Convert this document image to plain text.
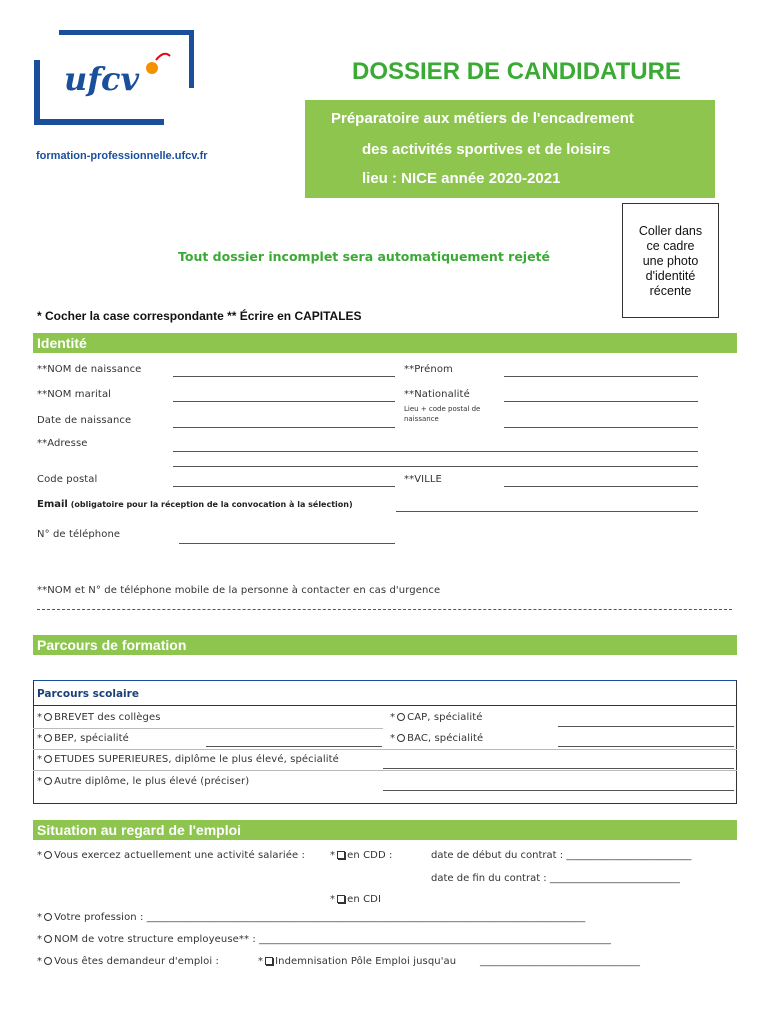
ufcv
formation-professionnelle.ufcv.fr
DOSSIER DE CANDIDATURE
Préparatoire aux métiers de l'encadrement
des activités sportives et de loisirs
lieu : NICE année 2020-2021
Coller dans
ce cadre
une photo
d'identité
récente
Tout dossier incomplet sera automatiquement rejeté
* Cocher la case correspondante ** Écrire en CAPITALES
Identité
**NOM de naissance	**Prénom
**NOM marital	**Nationalité
Date de naissance
Lieu + code postal de
naissance
**Adresse
Code postal	**VILLE
Email (obligatoire pour la réception de la convocation à la sélection)
N° de téléphone
**NOM et N° de téléphone mobile de la personne à contacter en cas d'urgence
Parcours de formation
Parcours scolaire
* BREVET des collèges	* CAP, spécialité
* BEP, spécialité	* BAC, spécialité
* ETUDES SUPERIEURES, diplôme le plus élevé, spécialité
* Autre diplôme, le plus élevé (préciser)
Situation au regard de l'emploi
* Vous exercez actuellement une activité salariée :	* en CDD :	date de début du contrat : _________________________
date de fin du contrat : __________________________
* en CDI
* Votre profession : ______________________________________________________________________________________
* NOM de votre structure employeuse** : _____________________________________________________________________
* Vous êtes demandeur d'emploi :	* Indemnisation Pôle Emploi jusqu'au ________________________________
